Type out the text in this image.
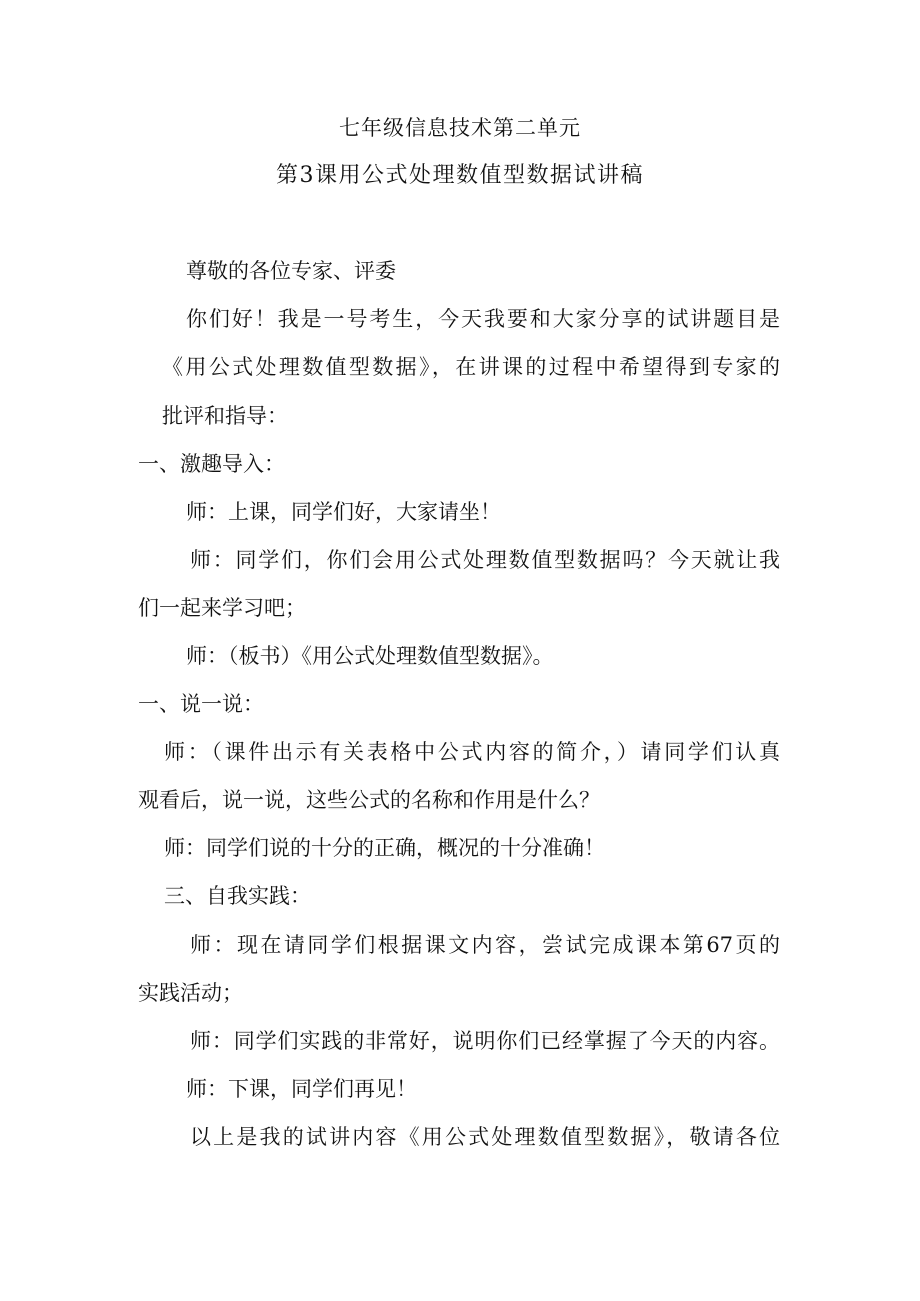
七年级信息技术第二单元

第3课用公式处理数值型数据试讲稿

尊敬的各位专家、评委

你们好！我是一号考生，今天我要和大家分享的试讲题目是

《用公式处理数值型数据》，在讲课的过程中希望得到专家的

批评和指导：

一、激趣导入：

师：上课，同学们好，大家请坐！

师：同学们，你们会用公式处理数值型数据吗？今天就让我

们一起来学习吧；

师：（板书）《用公式处理数值型数据》。

一、说一说：

师：（课件出示有关表格中公式内容的简介，）请同学们认真

观看后，说一说，这些公式的名称和作用是什么？

师：同学们说的十分的正确，概况的十分准确！

三、自我实践：

师：现在请同学们根据课文内容，尝试完成课本第67页的

实践活动；

师：同学们实践的非常好，说明你们已经掌握了今天的内容。

师：下课，同学们再见！

以上是我的试讲内容《用公式处理数值型数据》，敬请各位
